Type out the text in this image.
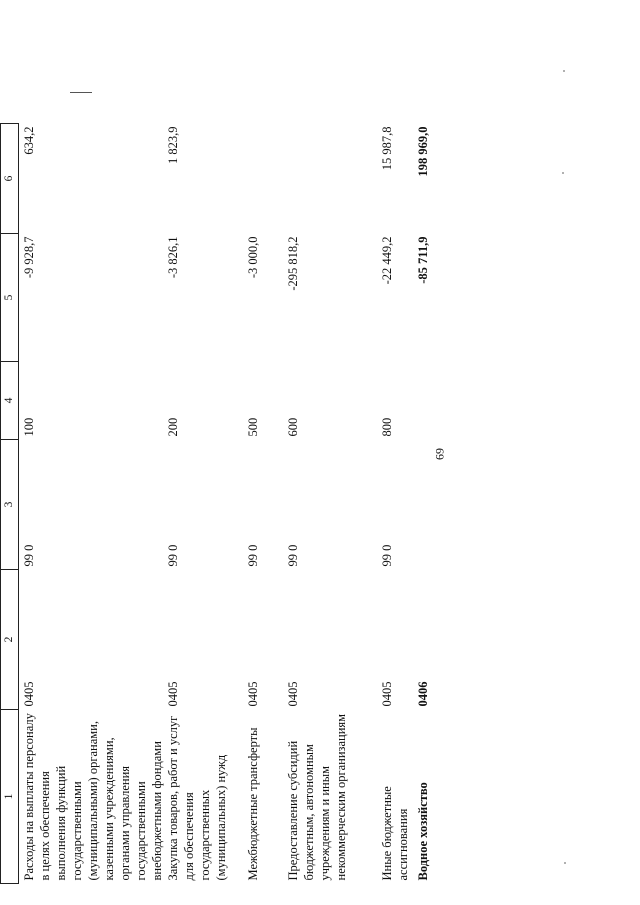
69
1	2	3	4	5	6
Расходы на выплаты персоналу в целях обеспечения выполнения функций государственными (муниципальными) органами, казенными учреждениями, органами управления государственными внебюджетными фондами	0405	99 0	100	-9 928,7	634,2
Закупка товаров, работ и услуг для обеспечения государственных (муниципальных) нужд	0405	99 0	200	-3 826,1	1 823,9
Межбюджетные трансферты	0405	99 0	500	-3 000,0	
Предоставление субсидий бюджетным, автономным учреждениям и иным некоммерческим организациям	0405	99 0	600	-295 818,2	
Иные бюджетные ассигнования	0405	99 0	800	-22 449,2	15 987,8
Водное хозяйство	0406			-85 711,9	198 969,0
